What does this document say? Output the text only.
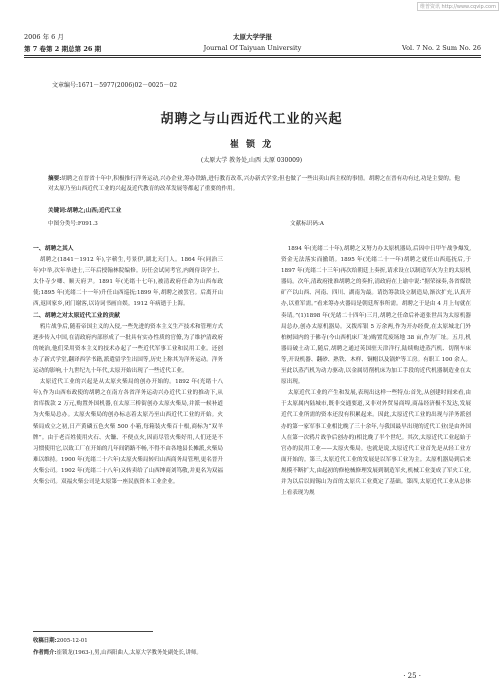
维普资讯 http://www.cqvip.com
2006 年 6 月	太原大学学报
第 7 卷第 2 期总第 26 期	Journal Of Taiyuan University	Vol. 7 No. 2 Sum No. 26
文章编号:1671－5977(2006)02－0025－02
胡聘之与山西近代工业的兴起
崔 锁 龙
(太原大学 教务处,山西 太原 030009)
摘要:胡聘之在晋省十年中,积极推行洋务运动,兴办企业,筹办铁路,进行教育改革,兴办新式学堂;但也做了一些出卖山西主权的事情。胡聘之在晋有功有过,功是主要的。他对太原乃至山西近代工业的兴起及近代教育的改革发展等都起了重要的作用。
关键词:胡聘之;山西;近代工业
中图分类号:F091.3	文献标识码:A
一、胡聘之其人

胡聘之(1841－1912 年),字蕲生,号景伊,湖北天门人。1864 年(同治三年)中举,次年举进士,三年后授翰林院编修。历任会试同考官,内阁侍读学士、太仆寺少卿、顺天府尹。1891 年(光绪十七年),被清政府任命为山西布政使;1895 年(光绪二十一年)升任山西巡抚;1899 年,胡聘之被罢官。后离开山西,返回家乡,闭门谢客,以诗词书画自娱。1912 年病逝于上海。

二、胡聘之对太原近代工业的贡献

鸦片战争后,随着帝国主义的入侵,一些先进的资本主义生产技术和管理方式逐步传入中国,在清政府内部形成了一批具有实办性质的官僚,为了维护清政府的统治,他们采用资本主义的技术办起了一些近代军事工业和民用工业。还创办了新式学堂,翻译西学书籍,派遣留学生出国等,历史上称其为洋务运动。洋务运动的影响,十九世纪九十年代,太原开始出现了一些近代工业。

太原近代工业的兴起是从太原火柴局的创办开始的。1892 年(光绪十八年),作为山西布政使的胡聘之在南方各省洋务运动兴办近代工业的推动下,从省库拨款 2 万元,购置外国机器,在太原三桥街创办太原火柴局,并派一候补道为火柴局总办。太原火柴局的创办标志着太原乃至山西近代工业的开始。火柴局成立之初,日产黄磷五色火柴 500 小箱,每箱装火柴百十根,商标为“双羊牌”。由于老百姓使用火石、火镰、不便点火,因而尽管火柴好用,人们还是不习惯使用它,以致工厂在开始的几年间销路不畅,不得不由各地县长摊派,火柴局难以维持。1900 年(光绪二十六年)太原火柴局转归山西商务局管理,更名晋升火柴公司。1902 年(光绪二十八年)又转卖给了山西绅商刘笃敬,并更名为双福火柴公司。双福火柴公司是太原第一座民族资本工业企业。

1894 年(光绪二十年),胡聘之又努力办太原机器局,后因中日甲午战争爆发,资金无法落实而撤销。1895 年(光绪二十一年)胡聘之就任山西巡抚后,于 1897 年(光绪二十三年)再次给朝廷上奏折,请求设立以制造军火为主的太原机器局。次年,清政府批准胡聘之的奏折,清政府在上谕中说:“据荣禄奏,各省煤铁矿产以山西、河南、四川、湖南为最。请饬筹款设立制造局,渐次扩充,认真开办,以重军需。”看来筹办火器局是朝廷所事所需。胡聘之于是由 4 月上旬就在奏请。”(1)1898 年(光绪二十四年)三月,胡聘之任命后补道张世昌为太原机器局总办,创办太原机器局。又拨库银 5 万余两,作为开办经费,在太原城北门外柏树园内的于佛寺(今山西机床厂址)购置荒废场地 38 亩,作为厂址。五月,机器局破土动工,随后,胡聘之通过英国驻天津洋行,陆续购进蒸汽机、切削车床等,开设机器、翻砂、熟铁、木样、铜帽以及锅炉等工房。有职工 100 余人。至此以蒸汽机为动力驱动,以金属切削机床为加工手段的近代机器制造业在太原出现。

太原近代工业的产生和发展,表现出这样一些特点:首先,从创建时间来看,由于太原属内陆城市,既非交通要道,又非对外贸易商埠,商品经济极不发达,发展近代工业所需的资本还没有积累起来。因此,太原近代工业的出现与洋务派创办的第一家军事工业相比晚了三十余年,与我国最早出现的近代工业(是由外国人在第一次鸦片战争后创办的)相比晚了半个世纪。其次,太原近代工业起始于官办的民用工业——太原火柴局。也就是说,太原近代工业首先是从轻工业方面开始的。第三,太原近代工业的发展是以军事工业为主。太原机器局到后来规模不断扩大,由起初的修枪械修理发展到制造军火,机械工业变成了军火工业,并为以后以阎锡山为首的太原兵工业奠定了基础。第四,太原近代工业从总体上看表现为规

收稿日期:2005-12-01
作者简介:崔锁龙(1963-),男,山西阳曲人,太原大学教务处副处长,讲师。
· 25 ·
